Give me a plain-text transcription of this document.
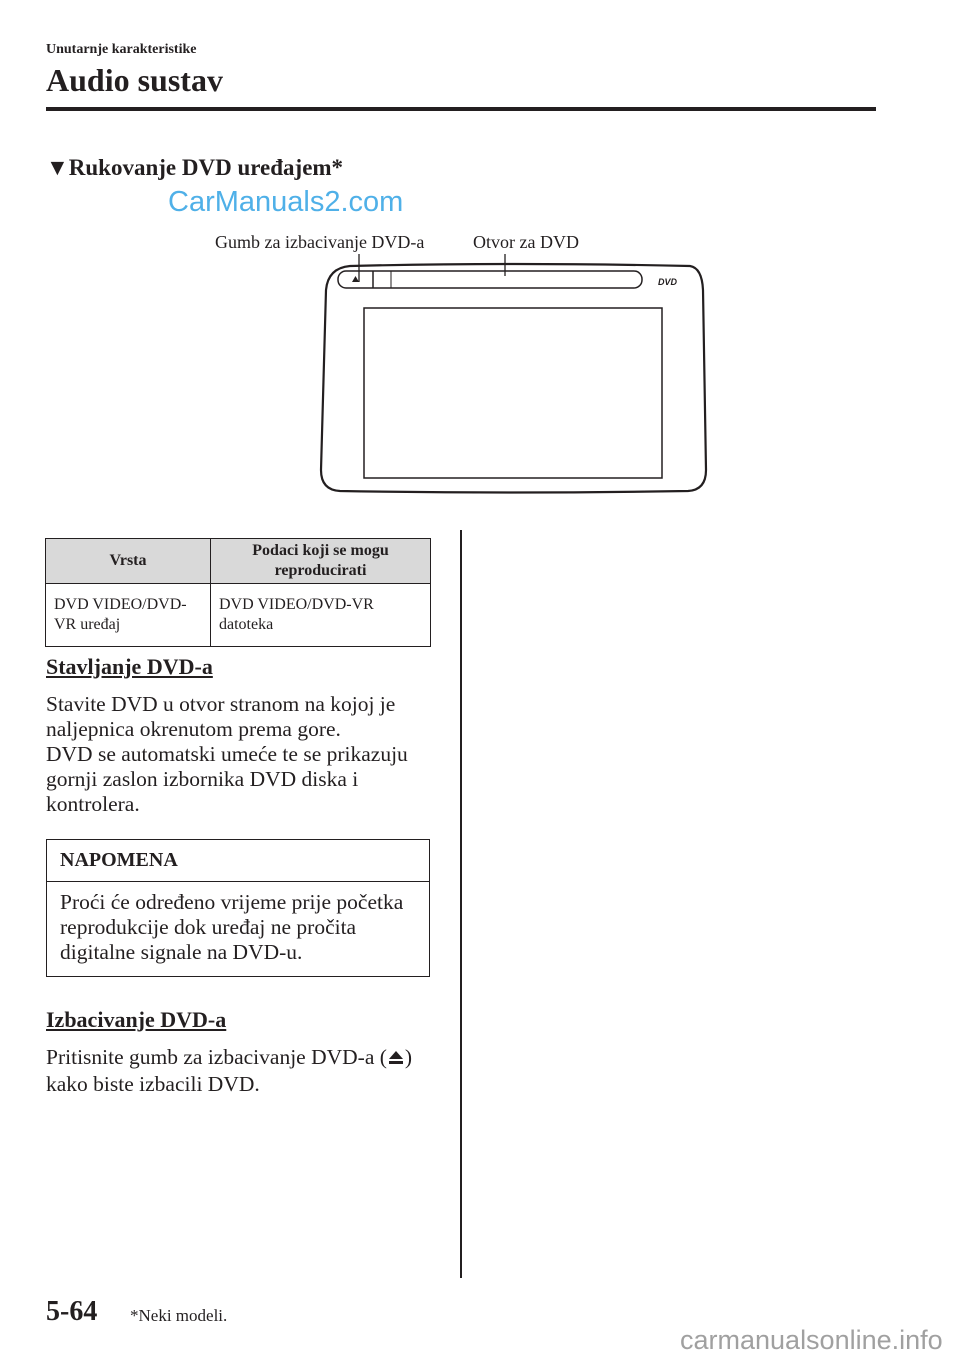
Unutarnje karakteristike
Audio sustav
▼Rukovanje DVD uređajem*
CarManuals2.com
Gumb za izbacivanje DVD-a	Otvor za DVD
DVD
Vrsta	Podaci koji se mogu reproducirati
DVD VIDEO/DVD-VR uređaj	DVD VIDEO/DVD-VR datoteka
Stavljanje DVD-a
Stavite DVD u otvor stranom na kojoj je naljepnica okrenutom prema gore.
DVD se automatski umeće te se prikazuju gornji zaslon izbornika DVD diska i kontrolera.
NAPOMENA
Proći će određeno vrijeme prije početka reprodukcije dok uređaj ne pročita digitalne signale na DVD-u.
Izbacivanje DVD-a
Pritisnite gumb za izbacivanje DVD-a ( ) kako biste izbacili DVD.
5-64 *Neki modeli.
carmanualsonline.info
